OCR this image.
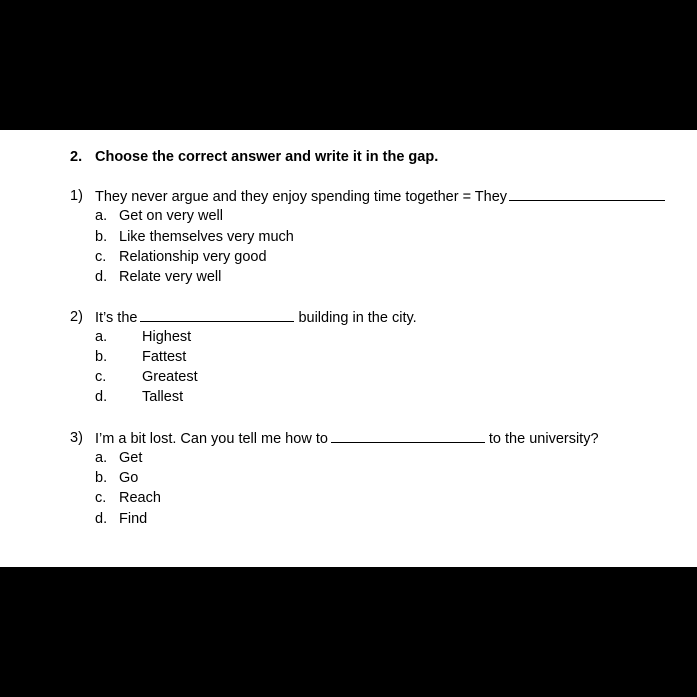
2. Choose the correct answer and write it in the gap.
1) They never argue and they enjoy spending time together = They
a. Get on very well
b. Like themselves very much
c. Relationship very good
d. Relate very well
2) It’s the	building in the city.
a. Highest
b. Fattest
c. Greatest
d. Tallest
3) I’m a bit lost. Can you tell me how to	to the university?
a. Get
b. Go
c. Reach
d. Find
